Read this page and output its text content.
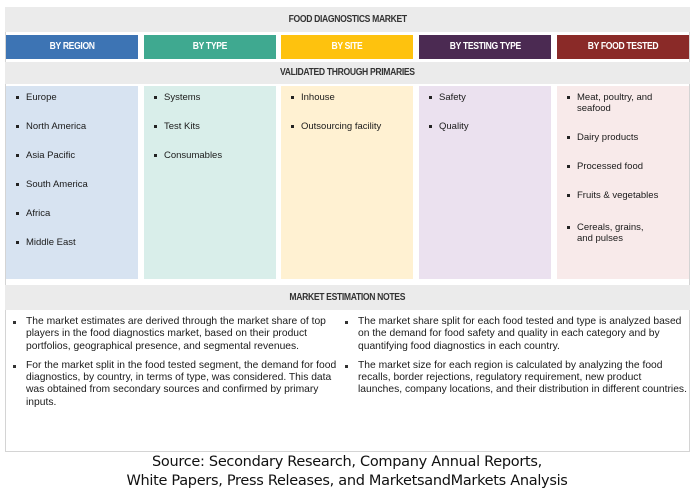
FOOD DIAGNOSTICS MARKET
BY REGION	BY TYPE	BY SITE	BY TESTING TYPE	BY FOOD TESTED
VALIDATED THROUGH PRIMARIES
Europe
North America
Asia Pacific
South America
Africa
Middle East
Systems
Test Kits
Consumables
Inhouse
Outsourcing facility
Safety
Quality
Meat, poultry, and seafood
Dairy products
Processed food
Fruits & vegetables
Cereals, grains, and pulses
MARKET ESTIMATION NOTES
The market estimates are derived through the market share of top players in the food diagnostics market, based on their product portfolios, geographical presence, and segmental revenues.
For the market split in the food tested segment, the demand for food diagnostics, by country, in terms of type, was considered. This data was obtained from secondary sources and confirmed by primary inputs.
The market share split for each food tested and type is analyzed based on the demand for food safety and quality in each category and by quantifying food diagnostics in each country.
The market size for each region is calculated by analyzing the food recalls, border rejections, regulatory requirement, new product launches, company locations, and their distribution in different countries.
Source: Secondary Research, Company Annual Reports,
White Papers, Press Releases, and MarketsandMarkets Analysis
